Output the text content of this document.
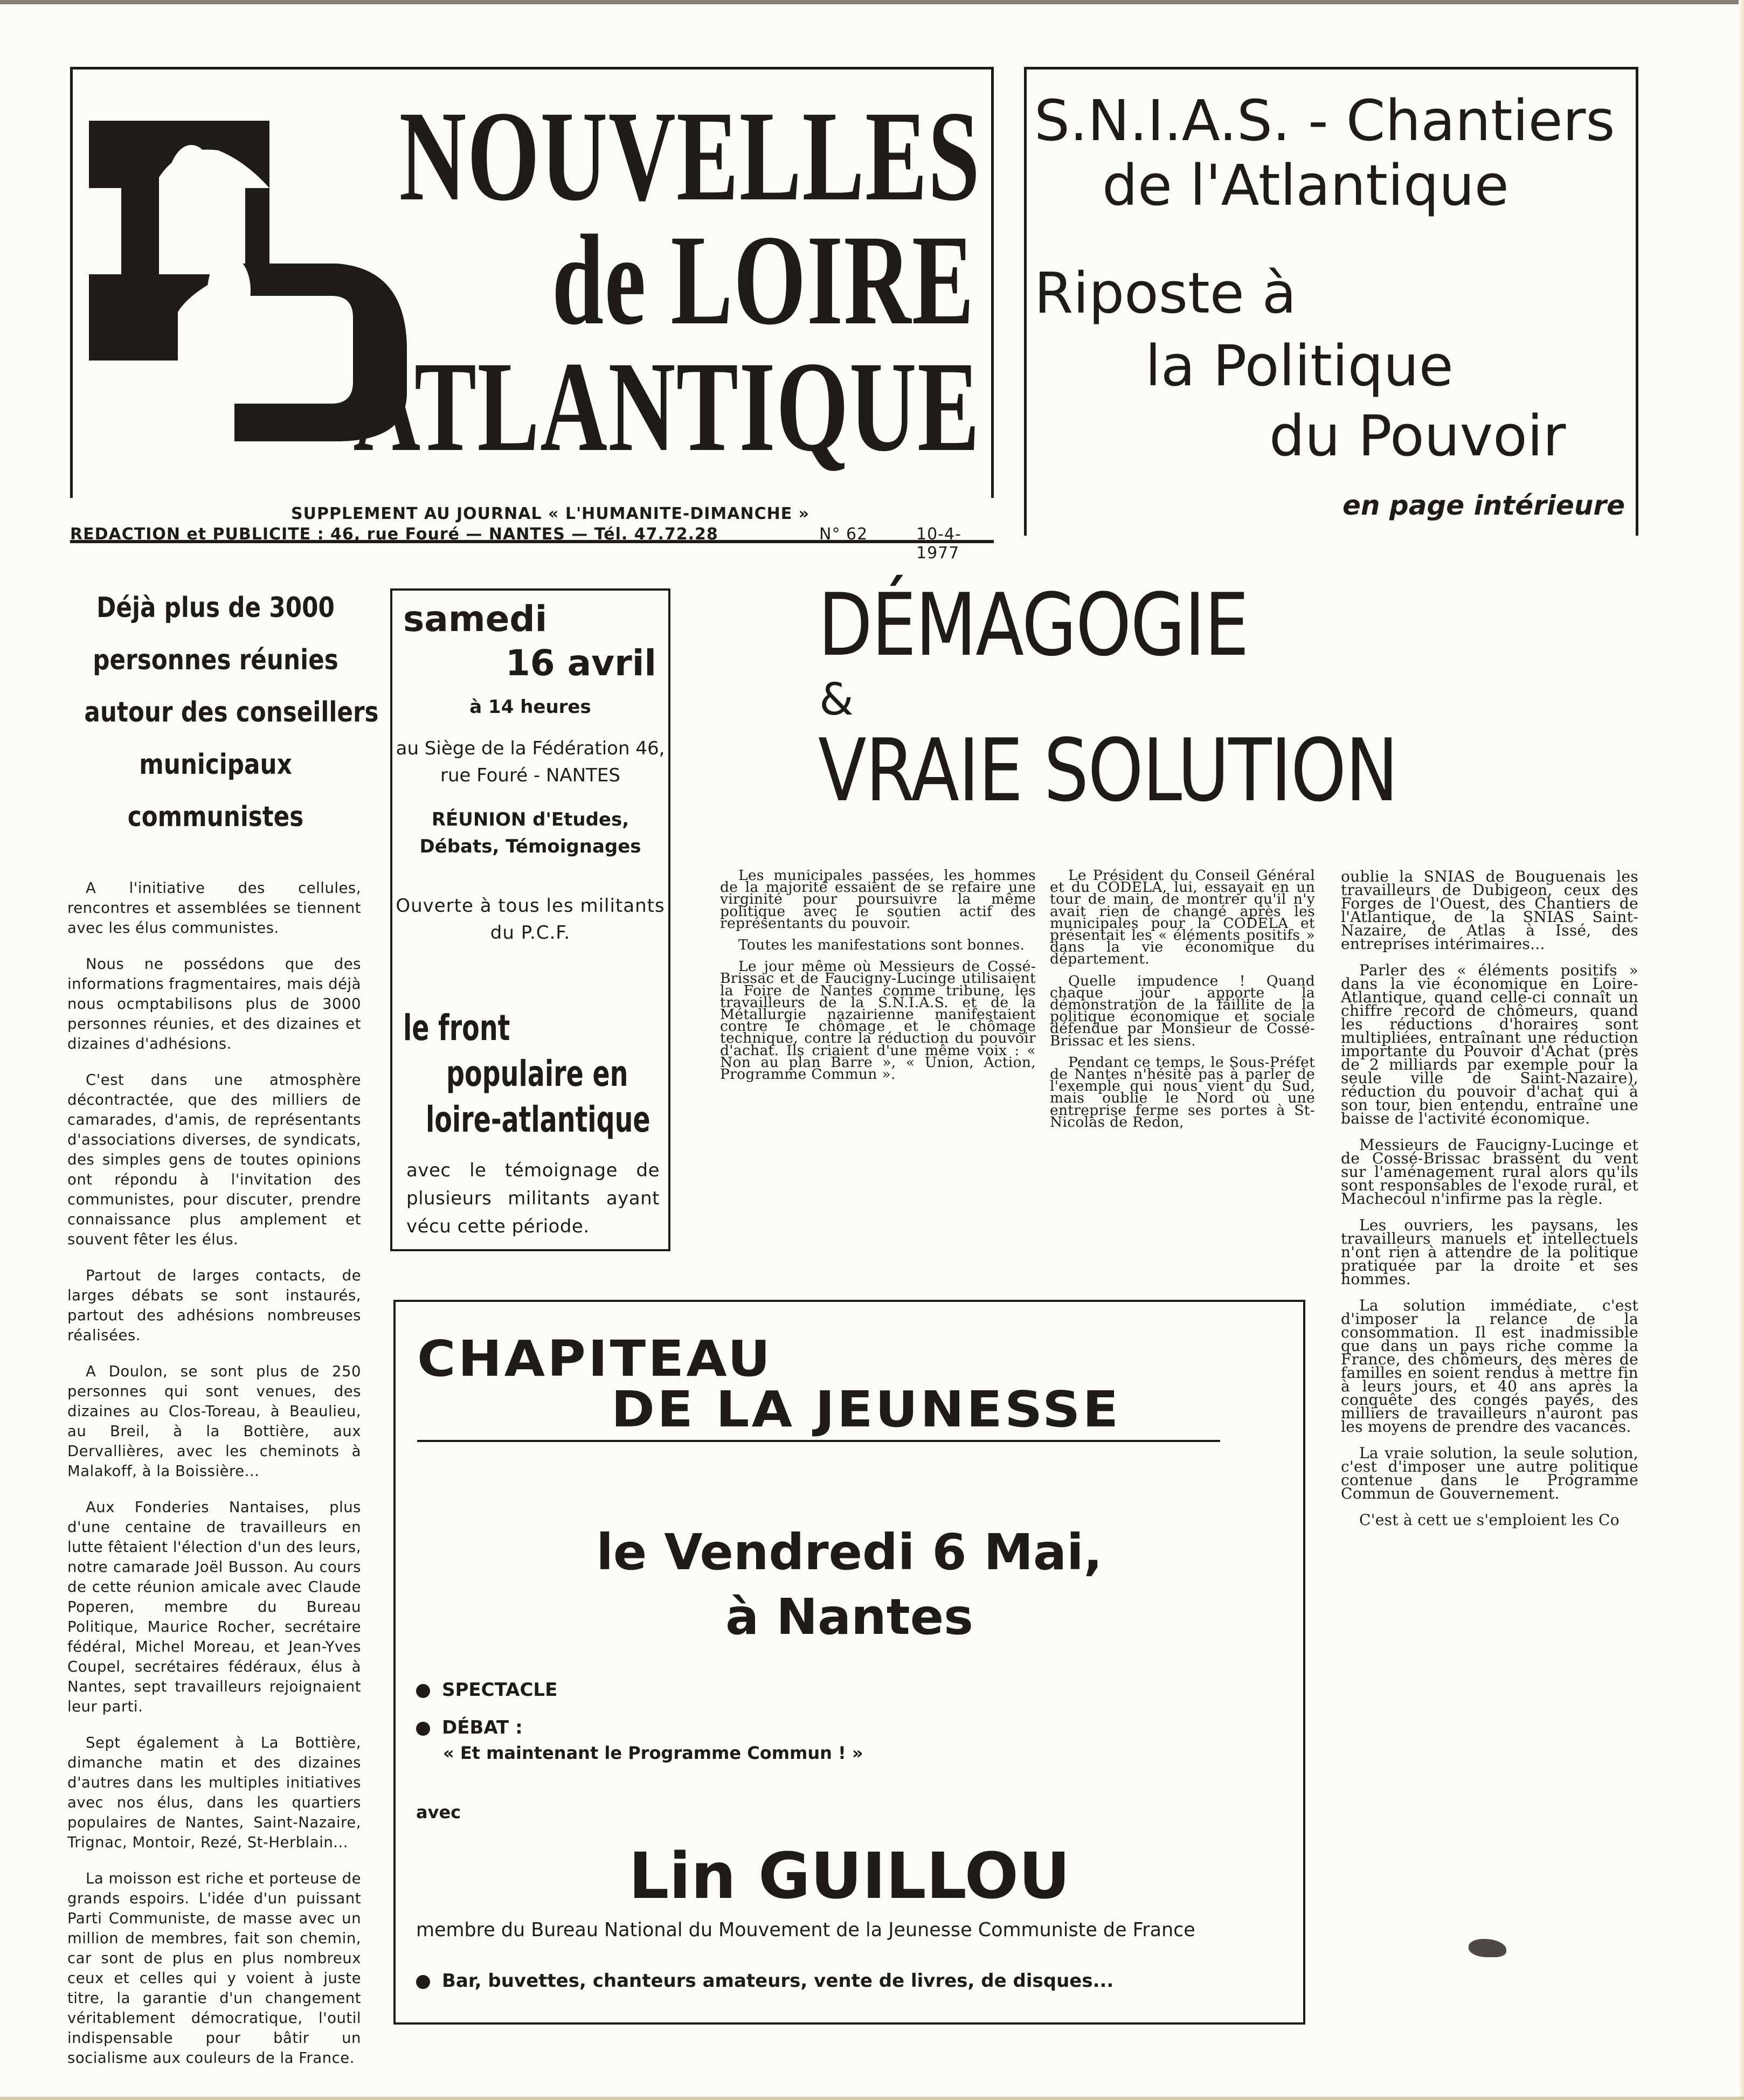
NOUVELLES
de LOIRE
ATLANTIQUE
SUPPLEMENT AU JOURNAL « L'HUMANITE-DIMANCHE »
REDACTION et PUBLICITE : 46, rue Fouré — NANTES — Tél. 47.72.28	N° 62	10-4-1977
S.N.I.A.S. - Chantiers
de l'Atlantique
Riposte à
la Politique
du Pouvoir
en page intérieure
Déjà plus de 3000
personnes réunies
autour des conseillers
municipaux
communistes

A l'initiative des cellules, rencontres et assemblées se tiennent avec les élus communistes.

Nous ne possédons que des informations fragmentaires, mais déjà nous ocmptabilisons plus de 3000 personnes réunies, et des dizaines et dizaines d'adhésions.

C'est dans une atmosphère décontractée, que des milliers de camarades, d'amis, de représentants d'associations diverses, de syndicats, des simples gens de toutes opinions ont répondu à l'invitation des communistes, pour discuter, prendre connaissance plus amplement et souvent fêter les élus.

Partout de larges contacts, de larges débats se sont instaurés, partout des adhésions nombreuses réalisées.

A Doulon, se sont plus de 250 personnes qui sont venues, des dizaines au Clos-Toreau, à Beaulieu, au Breil, à la Bottière, aux Dervallières, avec les cheminots à Malakoff, à la Boissière...

Aux Fonderies Nantaises, plus d'une centaine de travailleurs en lutte fêtaient l'élection d'un des leurs, notre camarade Joël Busson. Au cours de cette réunion amicale avec Claude Poperen, membre du Bureau Politique, Maurice Rocher, secrétaire fédéral, Michel Moreau, et Jean-Yves Coupel, secrétaires fédéraux, élus à Nantes, sept travailleurs rejoignaient leur parti.

Sept également à La Bottière, dimanche matin et des dizaines d'autres dans les multiples initiatives avec nos élus, dans les quartiers populaires de Nantes, Saint-Nazaire, Trignac, Montoir, Rezé, St-Herblain...

La moisson est riche et porteuse de grands espoirs. L'idée d'un puissant Parti Communiste, de masse avec un million de membres, fait son chemin, car sont de plus en plus nombreux ceux et celles qui y voient à juste titre, la garantie d'un changement véritablement démocratique, l'outil indispensable pour bâtir un socialisme aux couleurs de la France.

samedi
16 avril
à 14 heures
au Siège de la Fédération 46, rue Fouré - NANTES
RÉUNION d'Etudes, Débats, Témoignages
Ouverte à tous les militants du P.C.F.
le front
populaire en
loire-atlantique
avec le témoignage de plusieurs militants ayant vécu cette période.
DÉMAGOGIE
&
VRAIE SOLUTION

Les municipales passées, les hommes de la majorité essaient de se refaire une virginité pour poursuivre la même politique avec le soutien actif des représentants du pouvoir.

Toutes les manifestations sont bonnes.

Le jour même où Messieurs de Cossé-Brissac et de Faucigny-Lucinge utilisaient la Foire de Nantes comme tribune, les travailleurs de la S.N.I.A.S. et de la Métallurgie nazairienne manifestaient contre le chômage et le chômage technique, contre la réduction du pouvoir d'achat. Ils criaient d'une même voix : « Non au plan Barre », « Union, Action, Programme Commun ».

Le Président du Conseil Général et du CODELA, lui, essayait en un tour de main, de montrer qu'il n'y avait rien de changé après les municipales pour la CODELA et présentait les « éléments positifs » dans la vie économique du département.

Quelle impudence ! Quand chaque jour apporte la démonstration de la faillite de la politique économique et sociale défendue par Monsieur de Cossé-Brissac et les siens.

Pendant ce temps, le Sous-Préfet de Nantes n'hésite pas à parler de l'exemple qui nous vient du Sud, mais oublie le Nord où une entreprise ferme ses portes à St-Nicolas de Redon,

oublie la SNIAS de Bouguenais les travailleurs de Dubigeon, ceux des Forges de l'Ouest, des Chantiers de l'Atlantique, de la SNIAS Saint-Nazaire, de Atlas à Issé, des entreprises intérimaires...

Parler des « éléments positifs » dans la vie économique en Loire-Atlantique, quand celle-ci connaît un chiffre record de chômeurs, quand les réductions d'horaires sont multipliées, entraînant une réduction importante du Pouvoir d'Achat (près de 2 milliards par exemple pour la seule ville de Saint-Nazaire), réduction du pouvoir d'achat qui à son tour, bien entendu, entraîne une baisse de l'activité économique.

Messieurs de Faucigny-Lucinge et de Cossé-Brissac brassent du vent sur l'aménagement rural alors qu'ils sont responsables de l'exode rural, et Machecoul n'infirme pas la règle.

Les ouvriers, les paysans, les travailleurs manuels et intellectuels n'ont rien à attendre de la politique pratiquée par la droite et ses hommes.

La solution immédiate, c'est d'imposer la relance de la consommation. Il est inadmissible que dans un pays riche comme la France, des chômeurs, des mères de familles en soient rendus à mettre fin à leurs jours, et 40 ans après la conquête des congés payés, des milliers de travailleurs n'auront pas les moyens de prendre des vacances.

La vraie solution, la seule solution, c'est d'imposer une autre politique contenue dans le Programme Commun de Gouvernement.

C'est à cett ue s'emploient les Co

CHAPITEAU
DE LA JEUNESSE
le Vendredi 6 Mai,
à Nantes
SPECTACLE
DÉBAT :
« Et maintenant le Programme Commun ! »
avec
Lin GUILLOU
membre du Bureau National du Mouvement de la Jeunesse Communiste de France
Bar, buvettes, chanteurs amateurs, vente de livres, de disques...
